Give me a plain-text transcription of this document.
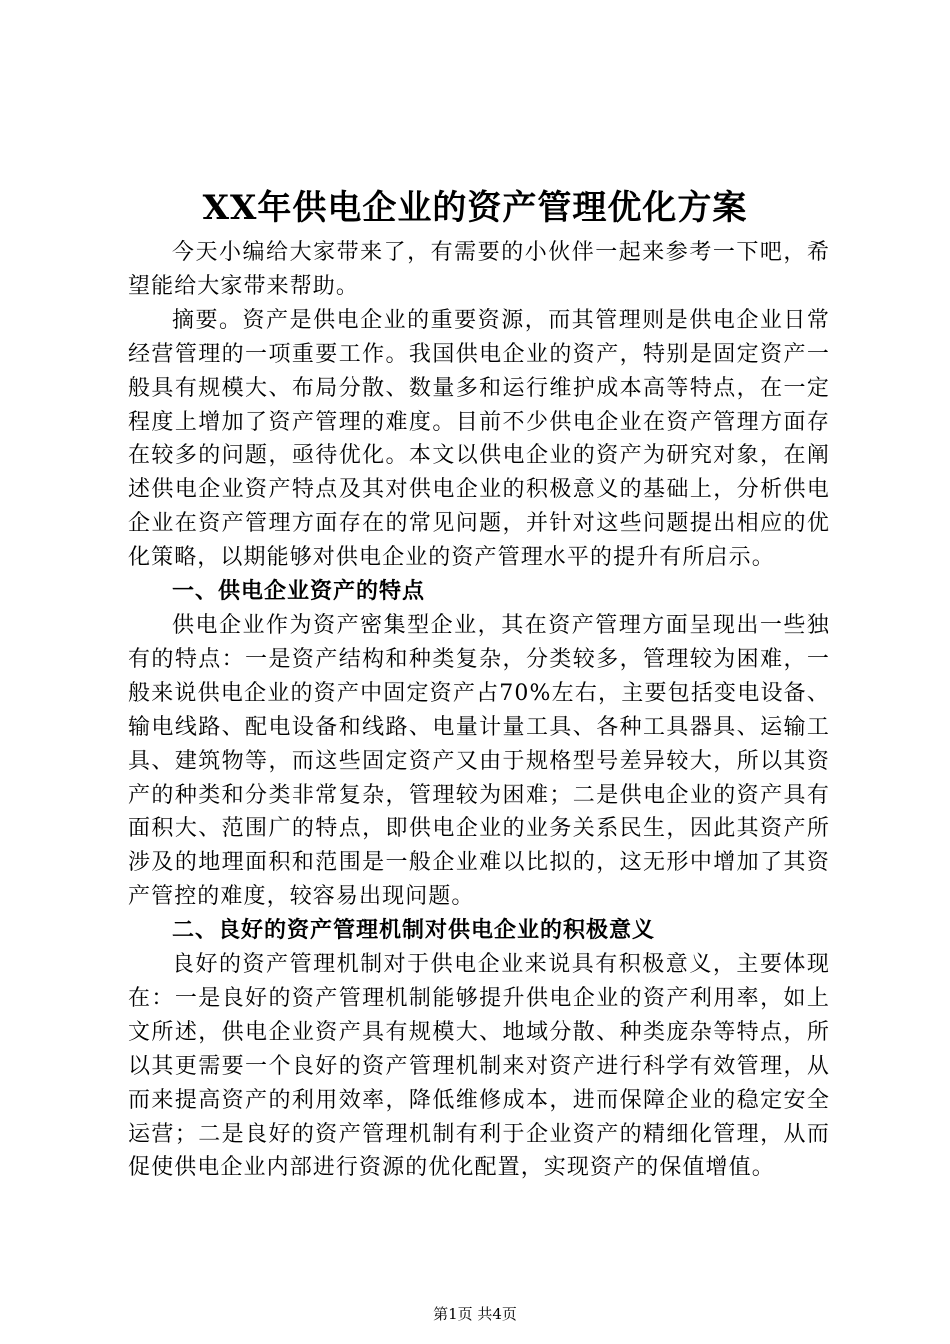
XX年供电企业的资产管理优化方案

今天小编给大家带来了，有需要的小伙伴一起来参考一下吧，希望能给大家带来帮助。

摘要。资产是供电企业的重要资源，而其管理则是供电企业日常经营管理的一项重要工作。我国供电企业的资产，特别是固定资产一般具有规模大、布局分散、数量多和运行维护成本高等特点，在一定程度上增加了资产管理的难度。目前不少供电企业在资产管理方面存在较多的问题，亟待优化。本文以供电企业的资产为研究对象，在阐述供电企业资产特点及其对供电企业的积极意义的基础上，分析供电企业在资产管理方面存在的常见问题，并针对这些问题提出相应的优化策略，以期能够对供电企业的资产管理水平的提升有所启示。

一、供电企业资产的特点

供电企业作为资产密集型企业，其在资产管理方面呈现出一些独有的特点：一是资产结构和种类复杂，分类较多，管理较为困难，一般来说供电企业的资产中固定资产占70%左右，主要包括变电设备、输电线路、配电设备和线路、电量计量工具、各种工具器具、运输工具、建筑物等，而这些固定资产又由于规格型号差异较大，所以其资产的种类和分类非常复杂，管理较为困难；二是供电企业的资产具有面积大、范围广的特点，即供电企业的业务关系民生，因此其资产所涉及的地理面积和范围是一般企业难以比拟的，这无形中增加了其资产管控的难度，较容易出现问题。

二、良好的资产管理机制对供电企业的积极意义

良好的资产管理机制对于供电企业来说具有积极意义，主要体现在：一是良好的资产管理机制能够提升供电企业的资产利用率，如上文所述，供电企业资产具有规模大、地域分散、种类庞杂等特点，所以其更需要一个良好的资产管理机制来对资产进行科学有效管理，从而来提高资产的利用效率，降低维修成本，进而保障企业的稳定安全运营；二是良好的资产管理机制有利于企业资产的精细化管理，从而促使供电企业内部进行资源的优化配置，实现资产的保值增值。

第1页 共4页
